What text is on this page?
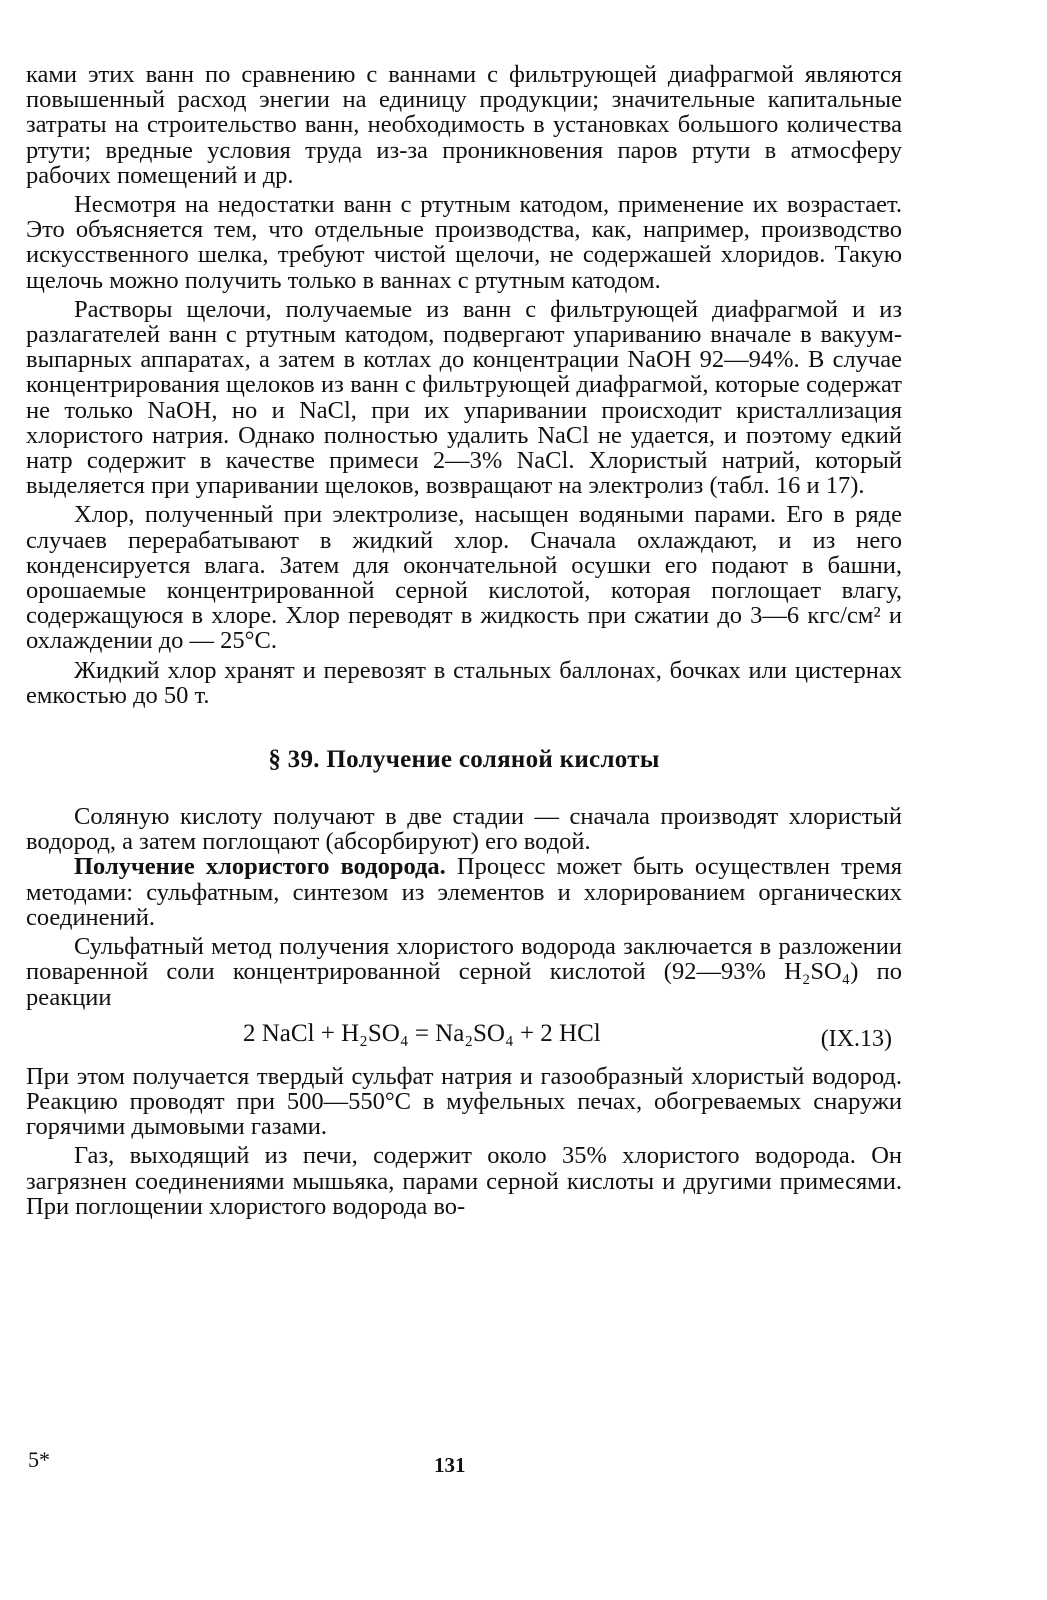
ками этих ванн по сравнению с ваннами с фильтрующей диафрагмой являются повышенный расход энегии на единицу продукции; значительные капитальные затраты на строительство ванн, необходимость в установках большого количества ртути; вредные условия труда из-за проникновения паров ртути в атмосферу рабочих помещений и др.

Несмотря на недостатки ванн с ртутным катодом, применение их возрастает. Это объясняется тем, что отдельные производства, как, например, производство искусственного шелка, требуют чистой щелочи, не содержашей хлоридов. Такую щелочь можно получить только в ваннах с ртутным катодом.

Растворы щелочи, получаемые из ванн с фильтрующей диафрагмой и из разлагателей ванн с ртутным катодом, подвергают упариванию вначале в вакуум-выпарных аппаратах, а затем в котлах до концентрации NaOH 92—94%. В случае концентрирования щелоков из ванн с фильтрующей диафрагмой, которые содержат не только NaOH, но и NaCl, при их упаривании происходит кристаллизация хлористого натрия. Однако полностью удалить NaCl не удается, и поэтому едкий натр содержит в качестве примеси 2—3% NaCl. Хлористый натрий, который выделяется при упаривании щелоков, возвращают на электролиз (табл. 16 и 17).

Хлор, полученный при электролизе, насыщен водяными парами. Его в ряде случаев перерабатывают в жидкий хлор. Сначала охлаждают, и из него конденсируется влага. Затем для окончательной осушки его подают в башни, орошаемые концентрированной серной кислотой, которая поглощает влагу, содержащуюся в хлоре. Хлор переводят в жидкость при сжатии до 3—6 кгс/см² и охлаждении до — 25°С.

Жидкий хлор хранят и перевозят в стальных баллонах, бочках или цистернах емкостью до 50 т.

§ 39. Получение соляной кислоты

Соляную кислоту получают в две стадии — сначала производят хлористый водород, а затем поглощают (абсорбируют) его водой.

Получение хлористого водорода. Процесс может быть осуществлен тремя методами: сульфатным, синтезом из элементов и хлорированием органических соединений.

Сульфатный метод получения хлористого водорода заключается в разложении поваренной соли концентрированной серной кислотой (92—93% H₂SO₄) по реакции

2 NaCl + H₂SO₄ = Na₂SO₄ + 2 HCl	(IX.13)

При этом получается твердый сульфат натрия и газообразный хлористый водород. Реакцию проводят при 500—550°С в муфельных печах, обогреваемых снаружи горячими дымовыми газами.

Газ, выходящий из печи, содержит около 35% хлористого водорода. Он загрязнен соединениями мышьяка, парами серной кислоты и другими примесями. При поглощении хлористого водорода во-

5*	131
